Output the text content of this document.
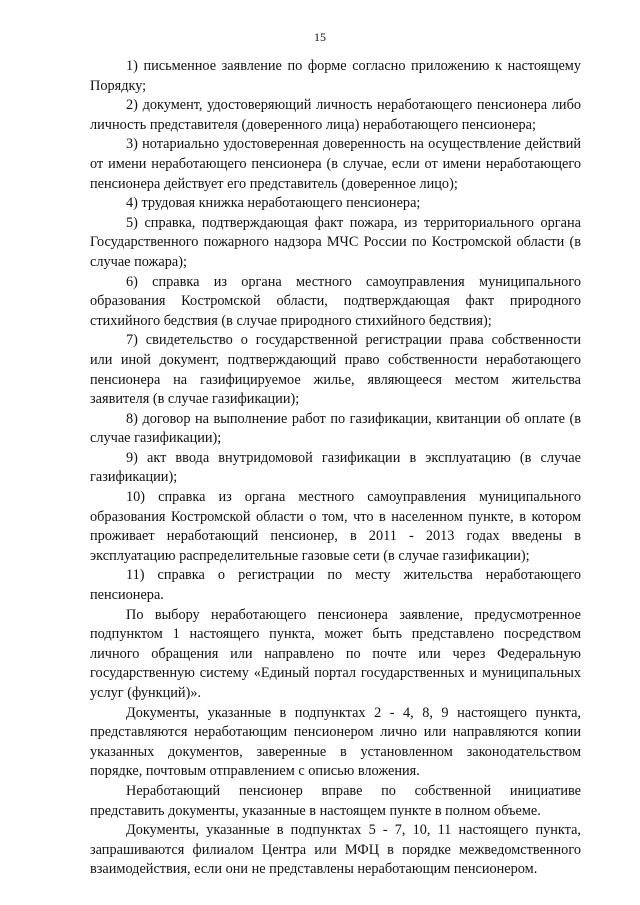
15

1) письменное заявление по форме согласно приложению к настоящему Порядку;

2) документ, удостоверяющий личность неработающего пенсионера либо личность представителя (доверенного лица) неработающего пенсионера;

3) нотариально удостоверенная доверенность на осуществление действий от имени неработающего пенсионера (в случае, если от имени неработающего пенсионера действует его представитель (доверенное лицо);

4) трудовая книжка неработающего пенсионера;

5) справка, подтверждающая факт пожара, из территориального органа Государственного пожарного надзора МЧС России по Костромской области (в случае пожара);

6) справка из органа местного самоуправления муниципального образования Костромской области, подтверждающая факт природного стихийного бедствия (в случае природного стихийного бедствия);

7) свидетельство о государственной регистрации права собственности или иной документ, подтверждающий право собственности неработающего пенсионера на газифицируемое жилье, являющееся местом жительства заявителя (в случае газификации);

8) договор на выполнение работ по газификации, квитанции об оплате (в случае газификации);

9) акт ввода внутридомовой газификации в эксплуатацию (в случае газификации);

10) справка из органа местного самоуправления муниципального образования Костромской области о том, что в населенном пункте, в котором проживает неработающий пенсионер, в 2011 - 2013 годах введены в эксплуатацию распределительные газовые сети (в случае газификации);

11) справка о регистрации по месту жительства неработающего пенсионера.

По выбору неработающего пенсионера заявление, предусмотренное подпунктом 1 настоящего пункта, может быть представлено посредством личного обращения или направлено по почте или через Федеральную государственную систему «Единый портал государственных и муниципальных услуг (функций)».

Документы, указанные в подпунктах 2 - 4, 8, 9 настоящего пункта, представляются неработающим пенсионером лично или направляются копии указанных документов, заверенные в установленном законодательством порядке, почтовым отправлением с описью вложения.

Неработающий пенсионер вправе по собственной инициативе представить документы, указанные в настоящем пункте в полном объеме.

Документы, указанные в подпунктах 5 - 7, 10, 11 настоящего пункта, запрашиваются филиалом Центра или МФЦ в порядке межведомственного взаимодействия, если они не представлены неработающим пенсионером.
